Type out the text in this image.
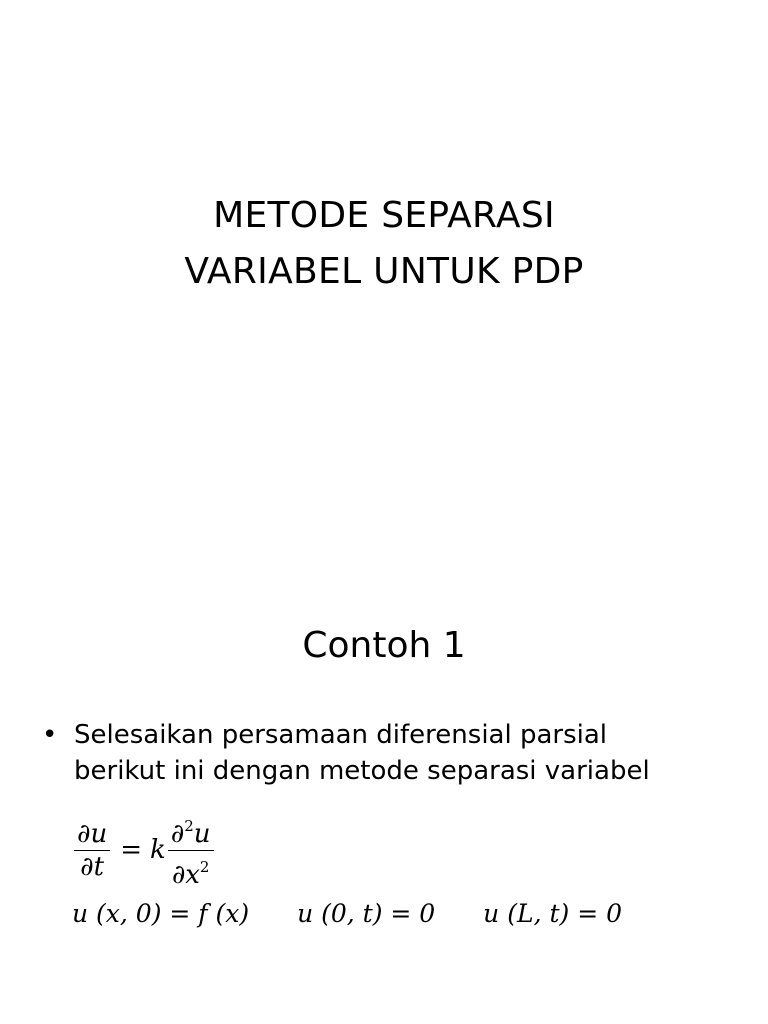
METODE SEPARASI
VARIABEL UNTUK PDP
Contoh 1
• Selesaikan persamaan diferensial parsial
berikut ini dengan metode separasi variabel
$\frac{\partial u}{\partial t} = k \frac{\partial^2u}{\partial x^2}$
u (x, 0) = f (x) u (0, t) = 0 u (L, t) = 0
